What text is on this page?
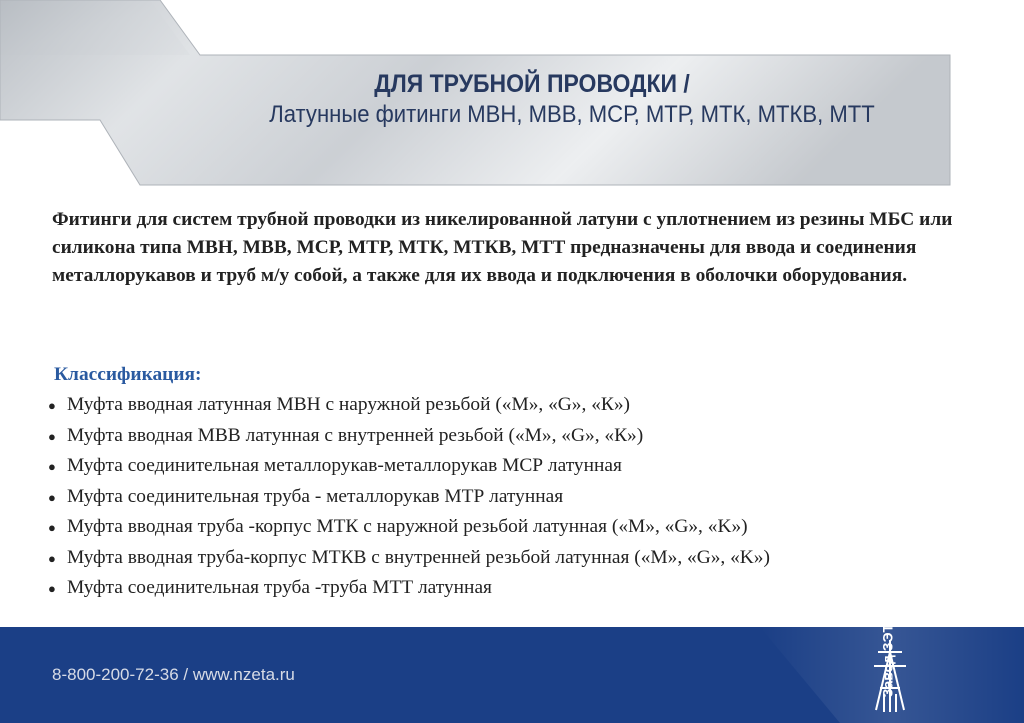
ДЛЯ ТРУБНОЙ ПРОВОДКИ /
Латунные фитинги МВН, МВВ, МСР, МТР, МТК, МТКВ, МТТ
Фитинги для систем трубной проводки из никелированной латуни с уплотнением из резины МБС или силикона типа МВН, МВВ, МСР, МТР, МТК, МТКВ, МТТ предназначены для ввода и соединения металлорукавов и труб м/у собой, а также для их ввода и подключения в оболочки оборудования.
Классификация:
● Муфта вводная латунная МВН с наружной резьбой («М», «G», «К»)
● Муфта вводная МВВ латунная с внутренней резьбой («М», «G», «К»)
● Муфта соединительная металлорукав-металлорукав МСР латунная
● Муфта соединительная труба - металлорукав МТР латунная
● Муфта вводная труба -корпус МТК с наружной резьбой латунная («М», «G», «K»)
● Муфта вводная труба-корпус МТКВ с внутренней резьбой латунная («М», «G», «K»)
● Муфта соединительная труба -труба МТТ латунная
8-800-200-72-36 / www.nzeta.ru	Завод ЗЭТА
